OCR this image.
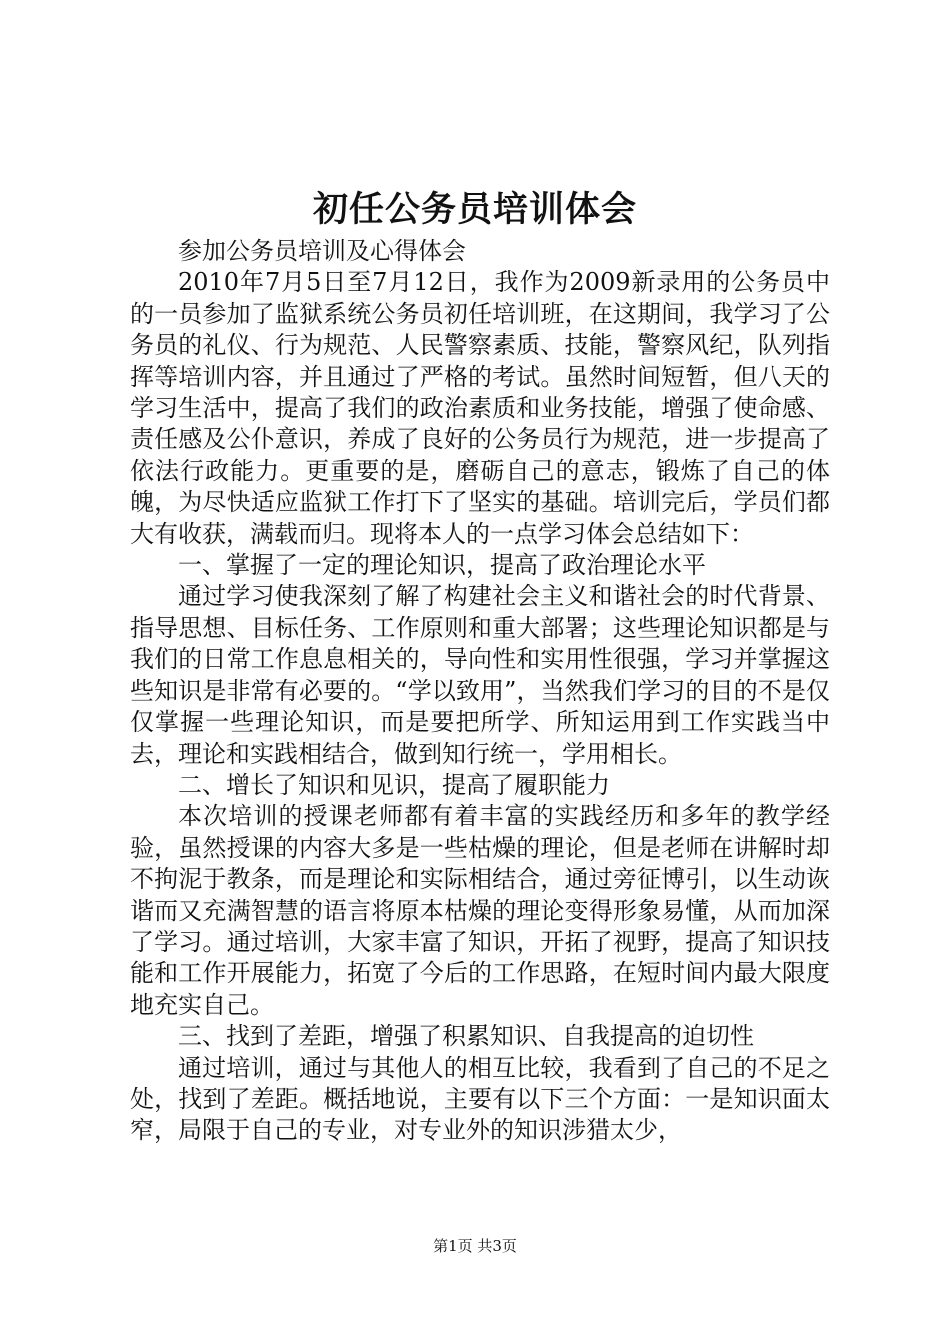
初任公务员培训体会

参加公务员培训及心得体会

2010年7月5日至7月12日，我作为2009新录用的公务员中的一员参加了监狱系统公务员初任培训班，在这期间，我学习了公务员的礼仪、行为规范、人民警察素质、技能，警察风纪，队列指挥等培训内容，并且通过了严格的考试。虽然时间短暂，但八天的学习生活中，提高了我们的政治素质和业务技能，增强了使命感、责任感及公仆意识，养成了良好的公务员行为规范，进一步提高了依法行政能力。更重要的是，磨砺自己的意志，锻炼了自己的体魄，为尽快适应监狱工作打下了坚实的基础。培训完后，学员们都大有收获，满载而归。现将本人的一点学习体会总结如下：

一、掌握了一定的理论知识，提高了政治理论水平

通过学习使我深刻了解了构建社会主义和谐社会的时代背景、指导思想、目标任务、工作原则和重大部署；这些理论知识都是与我们的日常工作息息相关的，导向性和实用性很强，学习并掌握这些知识是非常有必要的。“学以致用”，当然我们学习的目的不是仅仅掌握一些理论知识，而是要把所学、所知运用到工作实践当中去，理论和实践相结合，做到知行统一，学用相长。

二、增长了知识和见识，提高了履职能力

本次培训的授课老师都有着丰富的实践经历和多年的教学经验，虽然授课的内容大多是一些枯燥的理论，但是老师在讲解时却不拘泥于教条，而是理论和实际相结合，通过旁征博引，以生动诙谐而又充满智慧的语言将原本枯燥的理论变得形象易懂，从而加深了学习。通过培训，大家丰富了知识，开拓了视野，提高了知识技能和工作开展能力，拓宽了今后的工作思路，在短时间内最大限度地充实自己。

三、找到了差距，增强了积累知识、自我提高的迫切性

通过培训，通过与其他人的相互比较，我看到了自己的不足之处，找到了差距。概括地说，主要有以下三个方面：一是知识面太窄，局限于自己的专业，对专业外的知识涉猎太少，

第1页 共3页
